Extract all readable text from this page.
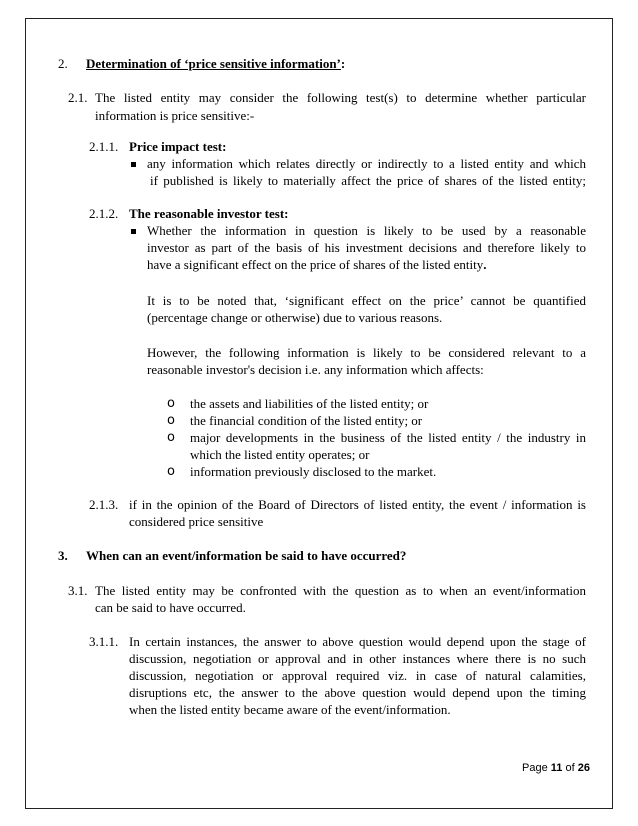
2. Determination of ‘price sensitive information’:
2.1. The listed entity may consider the following test(s) to determine whether particular
information is price sensitive:-
2.1.1. Price impact test:
any information which relates directly or indirectly to a listed entity and which
if published is likely to materially affect the price of shares of the listed entity;
2.1.2. The reasonable investor test:
Whether the information in question is likely to be used by a reasonable
investor as part of the basis of his investment decisions and therefore likely to
have a significant effect on the price of shares of the listed entity.
It is to be noted that, ‘significant effect on the price’ cannot be quantified
(percentage change or otherwise) due to various reasons.
However, the following information is likely to be considered relevant to a
reasonable investor's decision i.e. any information which affects:
o the assets and liabilities of the listed entity; or
o the financial condition of the listed entity; or
o major developments in the business of the listed entity / the industry in
which the listed entity operates; or
o information previously disclosed to the market.
2.1.3. if in the opinion of the Board of Directors of listed entity, the event / information is
considered price sensitive
3. When can an event/information be said to have occurred?
3.1. The listed entity may be confronted with the question as to when an event/information
can be said to have occurred.
3.1.1. In certain instances, the answer to above question would depend upon the stage of
discussion, negotiation or approval and in other instances where there is no such
discussion, negotiation or approval required viz. in case of natural calamities,
disruptions etc, the answer to the above question would depend upon the timing
when the listed entity became aware of the event/information.
Page 11 of 26
